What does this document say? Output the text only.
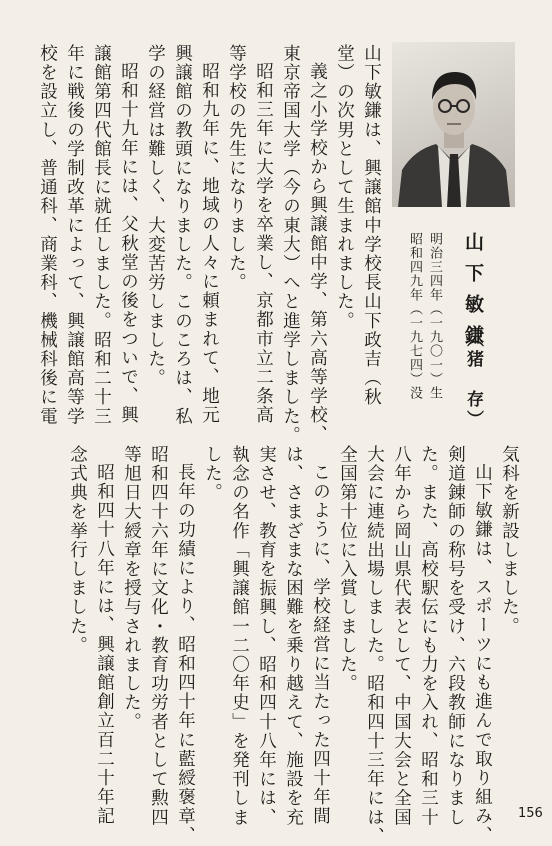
山下敏鎌
（猪　存）
明治三四年（一九〇一）生
昭和四九年（一九七四）没
山下敏鎌は、興譲館中学校長山下政吉（秋
堂）の次男として生まれました。
義之小学校から興譲館中学、第六高等学校、
東京帝国大学（今の東大）へと進学しました。
昭和三年に大学を卒業し、京都市立二条高
等学校の先生になりました。
昭和九年に、地域の人々に頼まれて、地元
興譲館の教頭になりました。このころは、私
学の経営は難しく、大変苦労しました。
昭和十九年には、父秋堂の後をついで、興
譲館第四代館長に就任しました。昭和二十三
年に戦後の学制改革によって、興譲館高等学
校を設立し、普通科、商業科、機械科後に電
気科を新設しました。
山下敏鎌は、スポーツにも進んで取り組み、
剣道錬師の称号を受け、六段教師になりまし
た。また、高校駅伝にも力を入れ、昭和三十
八年から岡山県代表として、中国大会と全国
大会に連続出場しました。昭和四十三年には、
全国第十位に入賞しました。
このように、学校経営に当たった四十年間
は、さまざまな困難を乗り越えて、施設を充
実させ、教育を振興し、昭和四十八年には、
執念の名作「興譲館一二〇年史」を発刊しま
した。
長年の功績により、昭和四十年に藍綬褒章、
昭和四十六年に文化・教育功労者として勲四
等旭日大綬章を授与されました。
昭和四十八年には、興譲館創立百二十年記
念式典を挙行しました。
156
